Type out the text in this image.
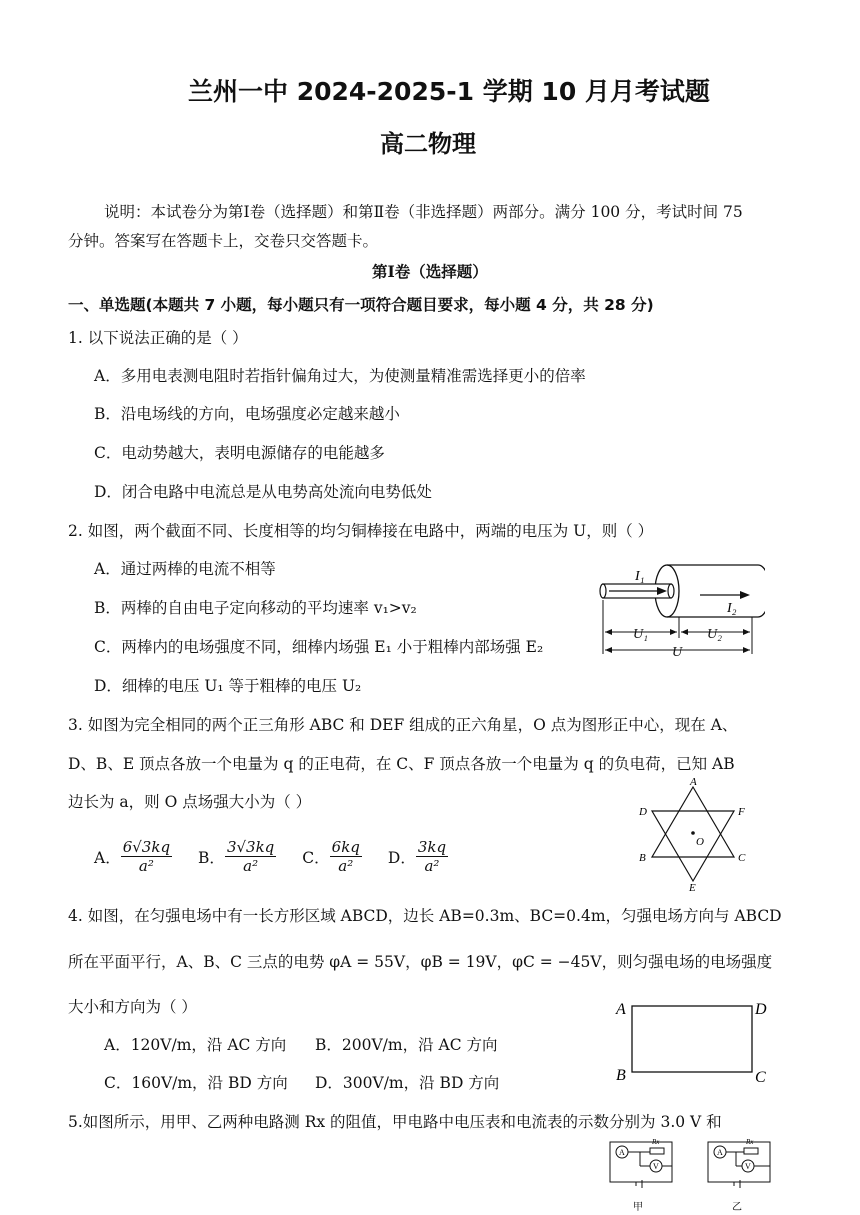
兰州一中 2024-2025-1 学期 10 月月考试题
高二物理
说明：本试卷分为第Ⅰ卷（选择题）和第Ⅱ卷（非选择题）两部分。满分 100 分，考试时间 75
分钟。答案写在答题卡上，交卷只交答题卡。
第Ⅰ卷（选择题）
一、单选题(本题共 7 小题，每小题只有一项符合题目要求，每小题 4 分，共 28 分)
1. 以下说法正确的是（ ）
A．多用电表测电阻时若指针偏角过大，为使测量精准需选择更小的倍率
B．沿电场线的方向，电场强度必定越来越小
C．电动势越大，表明电源储存的电能越多
D．闭合电路中电流总是从电势高处流向电势低处
2. 如图，两个截面不同、长度相等的均匀铜棒接在电路中，两端的电压为 U，则（ ）
A．通过两棒的电流不相等
B．两棒的自由电子定向移动的平均速率 v₁>v₂
C．两棒内的电场强度不同，细棒内场强 E₁ 小于粗棒内部场强 E₂
D．细棒的电压 U₁ 等于粗棒的电压 U₂
I₁
I₂
U₁	U₂
U
3. 如图为完全相同的两个正三角形 ABC 和 DEF 组成的正六角星，O 点为图形正中心，现在 A、
D、B、E 顶点各放一个电量为 q 的正电荷，在 C、F 顶点各放一个电量为 q 的负电荷，已知 AB
边长为 a，则 O 点场强大小为（ ）
A． $\frac{6√3kq}{\text{a²}}$ B． $\frac{3√3kq}{\text{a²}}$ C． $\frac{6kq}{\text{a²}}$ D． $\frac{3kq}{\text{a²}}$
A
D	F
B	C
E
O
4. 如图，在匀强电场中有一长方形区域 ABCD，边长 AB=0.3m、BC=0.4m，匀强电场方向与 ABCD
所在平面平行，A、B、C 三点的电势 φA = 55V，φB = 19V，φC = −45V，则匀强电场的电场强度
大小和方向为（ ）
A．120V/m，沿 AC 方向 B．200V/m，沿 AC 方向
C．160V/m，沿 BD 方向 D．300V/m，沿 BD 方向
A	D
B	C
5.如图所示，用甲、乙两种电路测 Rx 的阻值，甲电路中电压表和电流表的示数分别为 3.0 V 和
A
Rx
V
甲
A
Rx
V
乙
